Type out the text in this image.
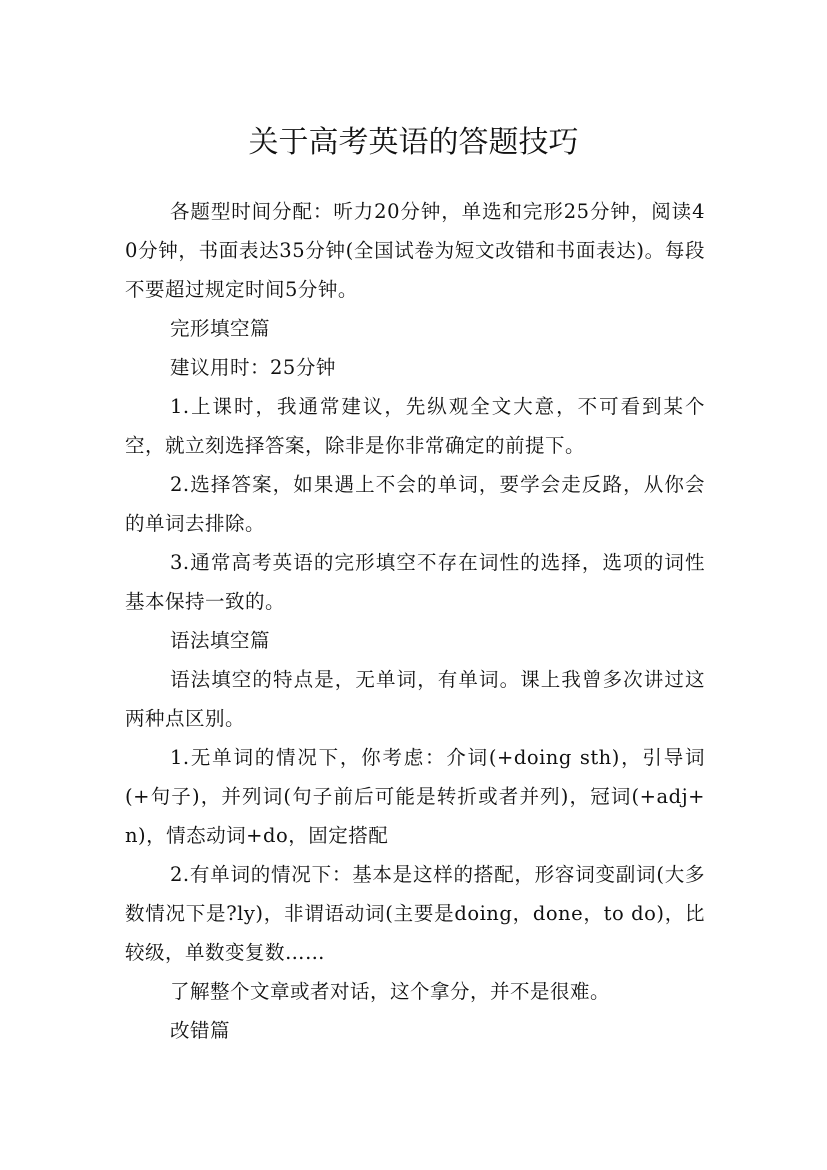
关于高考英语的答题技巧

各题型时间分配：听力20分钟，单选和完形25分钟，阅读40分钟，书面表达35分钟(全国试卷为短文改错和书面表达)。每段不要超过规定时间5分钟。

完形填空篇

建议用时：25分钟

1.上课时，我通常建议，先纵观全文大意，不可看到某个空，就立刻选择答案，除非是你非常确定的前提下。

2.选择答案，如果遇上不会的单词，要学会走反路，从你会的单词去排除。

3.通常高考英语的完形填空不存在词性的选择，选项的词性基本保持一致的。

语法填空篇

语法填空的特点是，无单词，有单词。课上我曾多次讲过这两种点区别。

1.无单词的情况下，你考虑：介词(+doing sth)，引导词(+句子)，并列词(句子前后可能是转折或者并列)，冠词(+adj+n)，情态动词+do，固定搭配

2.有单词的情况下：基本是这样的搭配，形容词变副词(大多数情况下是?ly)，非谓语动词(主要是doing，done，to do)，比较级，单数变复数……

了解整个文章或者对话，这个拿分，并不是很难。

改错篇
